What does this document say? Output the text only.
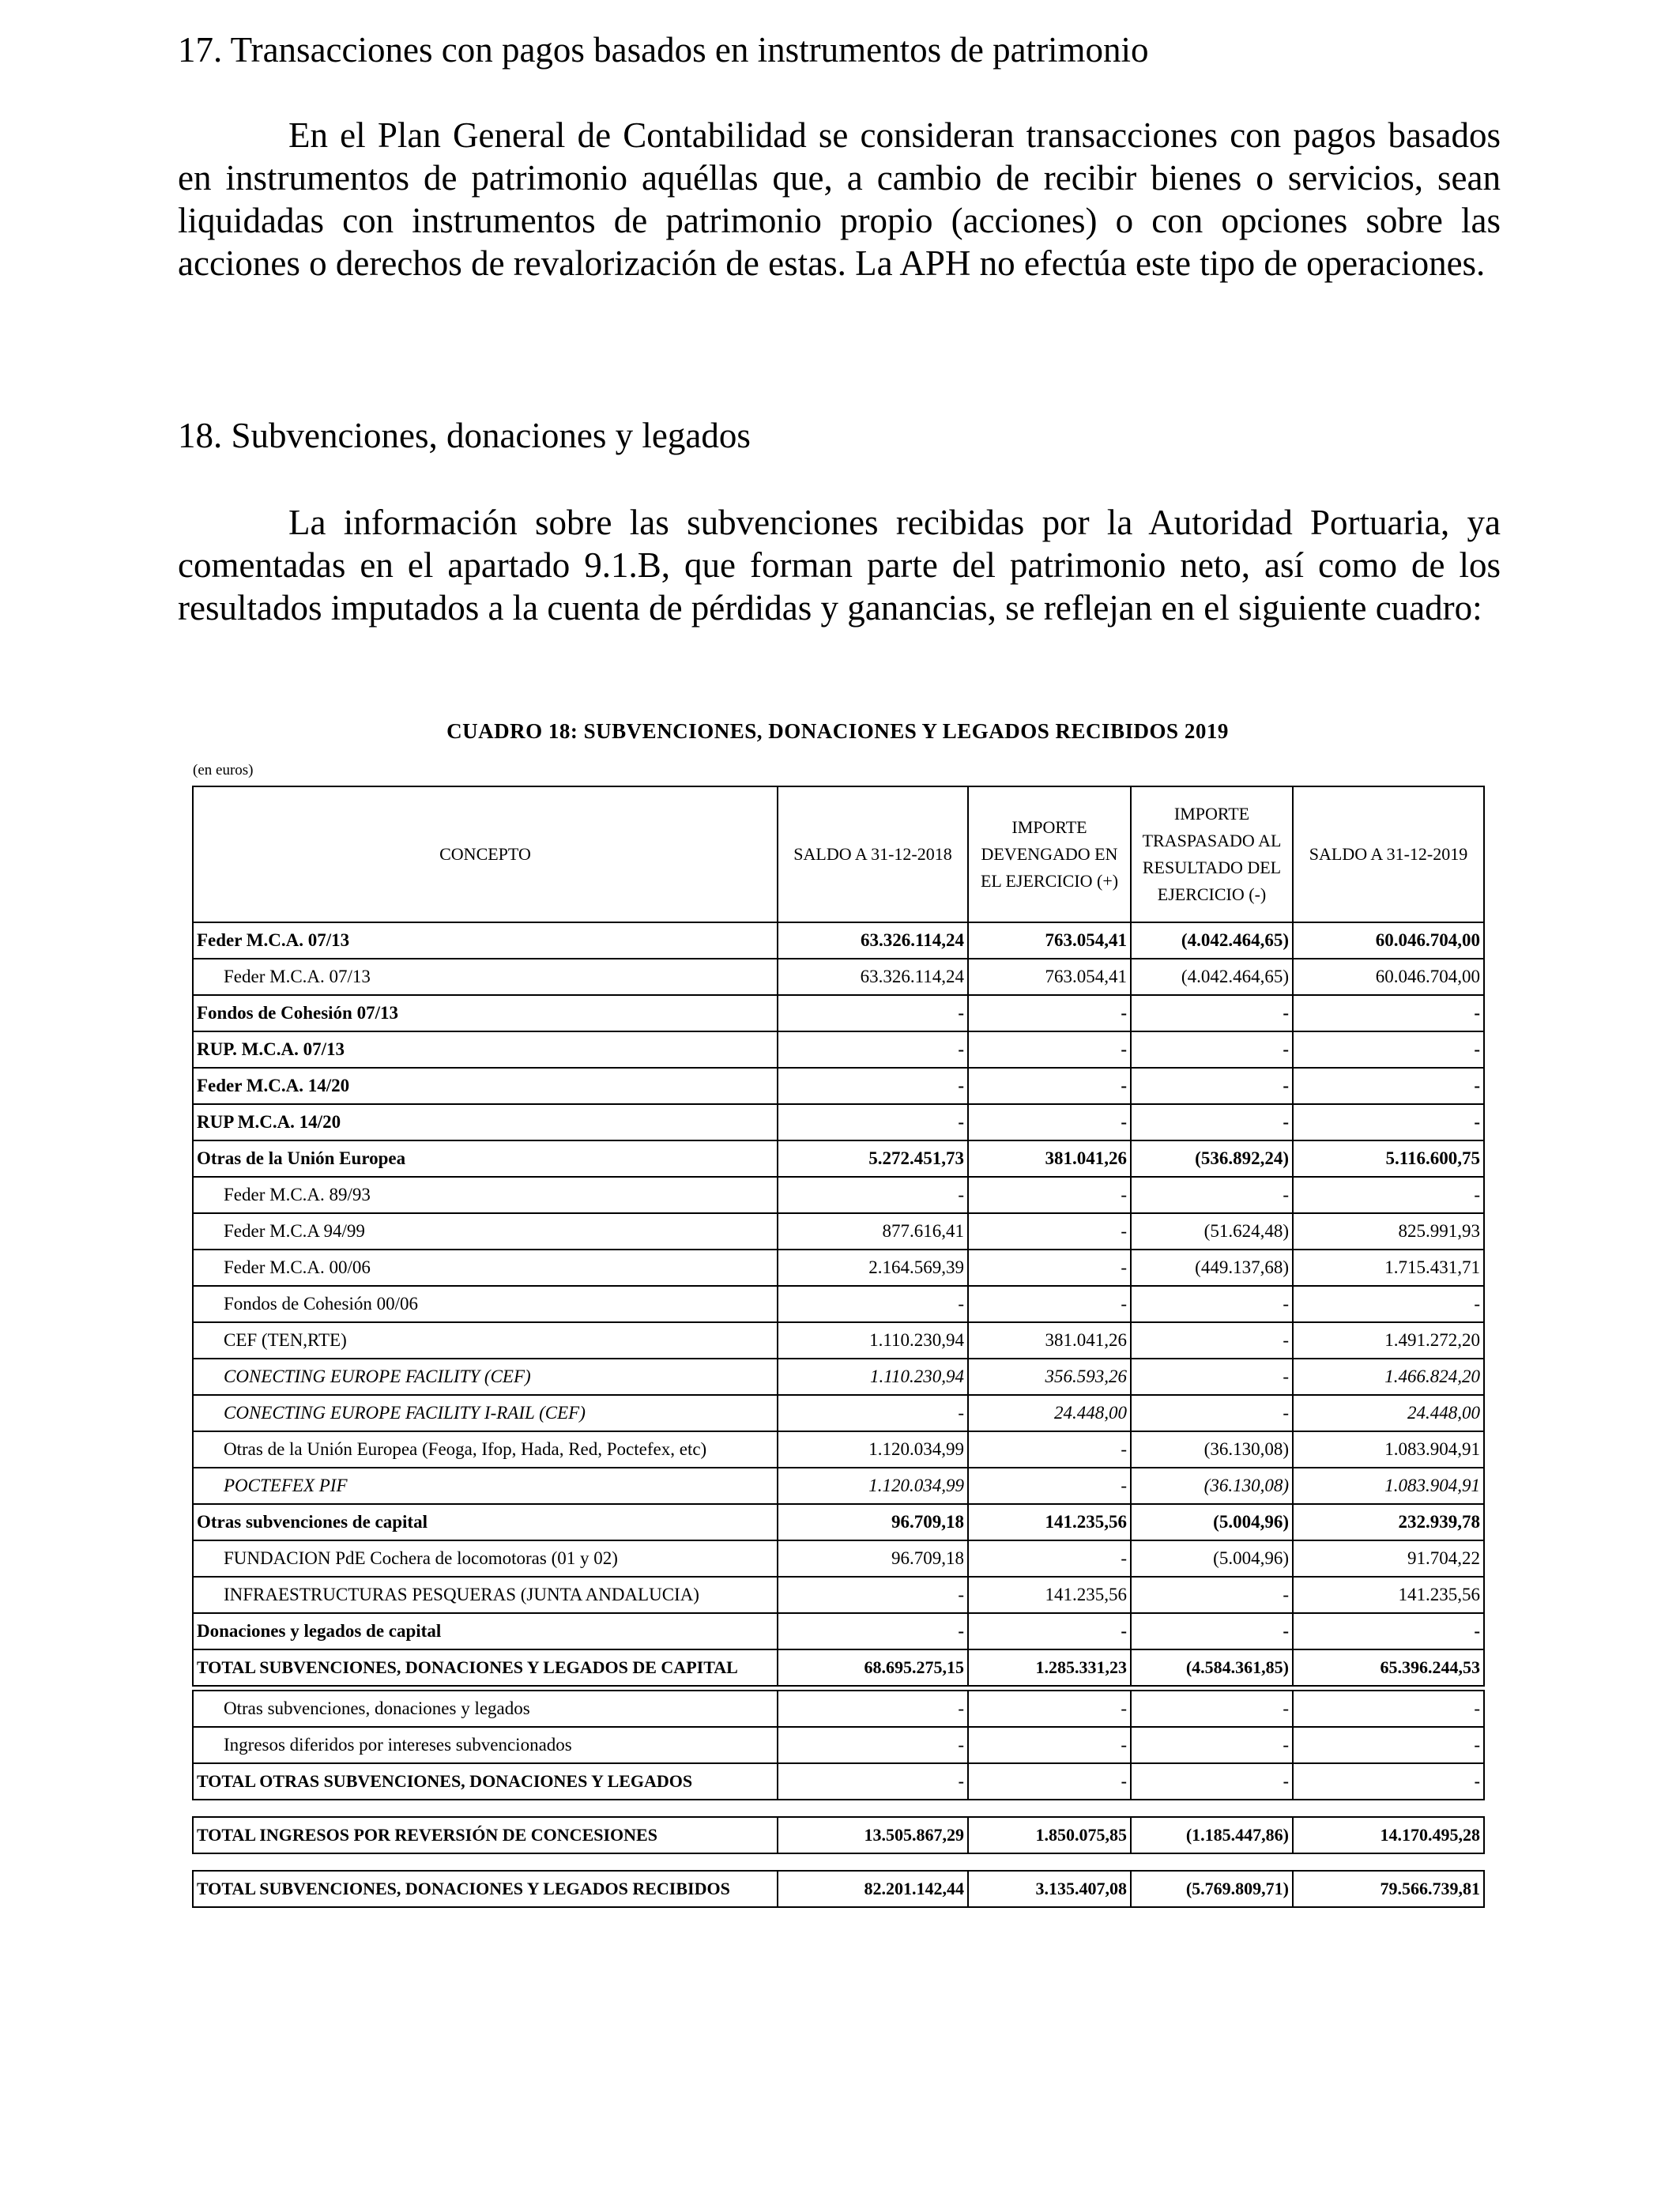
17. Transacciones con pagos basados en instrumentos de patrimonio

En el Plan General de Contabilidad se consideran transacciones con pagos basados en instrumentos de patrimonio aquéllas que, a cambio de recibir bienes o servicios, sean liquidadas con instrumentos de patrimonio propio (acciones) o con opciones sobre las acciones o derechos de revalorización de estas. La APH no efectúa este tipo de operaciones.

18. Subvenciones, donaciones y legados

La información sobre las subvenciones recibidas por la Autoridad Portuaria, ya comentadas en el apartado 9.1.B, que forman parte del patrimonio neto, así como de los resultados imputados a la cuenta de pérdidas y ganancias, se reflejan en el siguiente cuadro:

CUADRO 18: SUBVENCIONES, DONACIONES Y LEGADOS RECIBIDOS 2019
(en euros)
CONCEPTO	SALDO A 31-12-2018	IMPORTE DEVENGADO EN EL EJERCICIO (+)	IMPORTE TRASPASADO AL RESULTADO DEL EJERCICIO (-)	SALDO A 31-12-2019
Feder M.C.A. 07/13	63.326.114,24	763.054,41	(4.042.464,65)	60.046.704,00
Feder M.C.A. 07/13	63.326.114,24	763.054,41	(4.042.464,65)	60.046.704,00
Fondos de Cohesión 07/13	-	-	-	-
RUP. M.C.A. 07/13	-	-	-	-
Feder M.C.A. 14/20	-	-	-	-
RUP M.C.A. 14/20	-	-	-	-
Otras de la Unión Europea	5.272.451,73	381.041,26	(536.892,24)	5.116.600,75
Feder M.C.A. 89/93	-	-	-	-
Feder M.C.A 94/99	877.616,41	-	(51.624,48)	825.991,93
Feder M.C.A. 00/06	2.164.569,39	-	(449.137,68)	1.715.431,71
Fondos de Cohesión 00/06	-	-	-	-
CEF (TEN,RTE)	1.110.230,94	381.041,26	-	1.491.272,20
CONECTING EUROPE FACILITY (CEF)	1.110.230,94	356.593,26	-	1.466.824,20
CONECTING EUROPE FACILITY I-RAIL (CEF)	-	24.448,00	-	24.448,00
Otras de la Unión Europea (Feoga, Ifop, Hada, Red, Poctefex, etc)	1.120.034,99	-	(36.130,08)	1.083.904,91
POCTEFEX PIF	1.120.034,99	-	(36.130,08)	1.083.904,91
Otras subvenciones de capital	96.709,18	141.235,56	(5.004,96)	232.939,78
FUNDACION PdE Cochera de locomotoras (01 y 02)	96.709,18	-	(5.004,96)	91.704,22
INFRAESTRUCTURAS PESQUERAS (JUNTA ANDALUCIA)	-	141.235,56	-	141.235,56
Donaciones y legados de capital	-	-	-	-
TOTAL SUBVENCIONES, DONACIONES Y LEGADOS DE CAPITAL	68.695.275,15	1.285.331,23	(4.584.361,85)	65.396.244,53
Otras subvenciones, donaciones y legados	-	-	-	-
Ingresos diferidos por intereses subvencionados	-	-	-	-
TOTAL OTRAS SUBVENCIONES, DONACIONES Y LEGADOS	-	-	-	-
TOTAL INGRESOS POR REVERSIÓN DE CONCESIONES	13.505.867,29	1.850.075,85	(1.185.447,86)	14.170.495,28
TOTAL SUBVENCIONES, DONACIONES Y LEGADOS RECIBIDOS	82.201.142,44	3.135.407,08	(5.769.809,71)	79.566.739,81
